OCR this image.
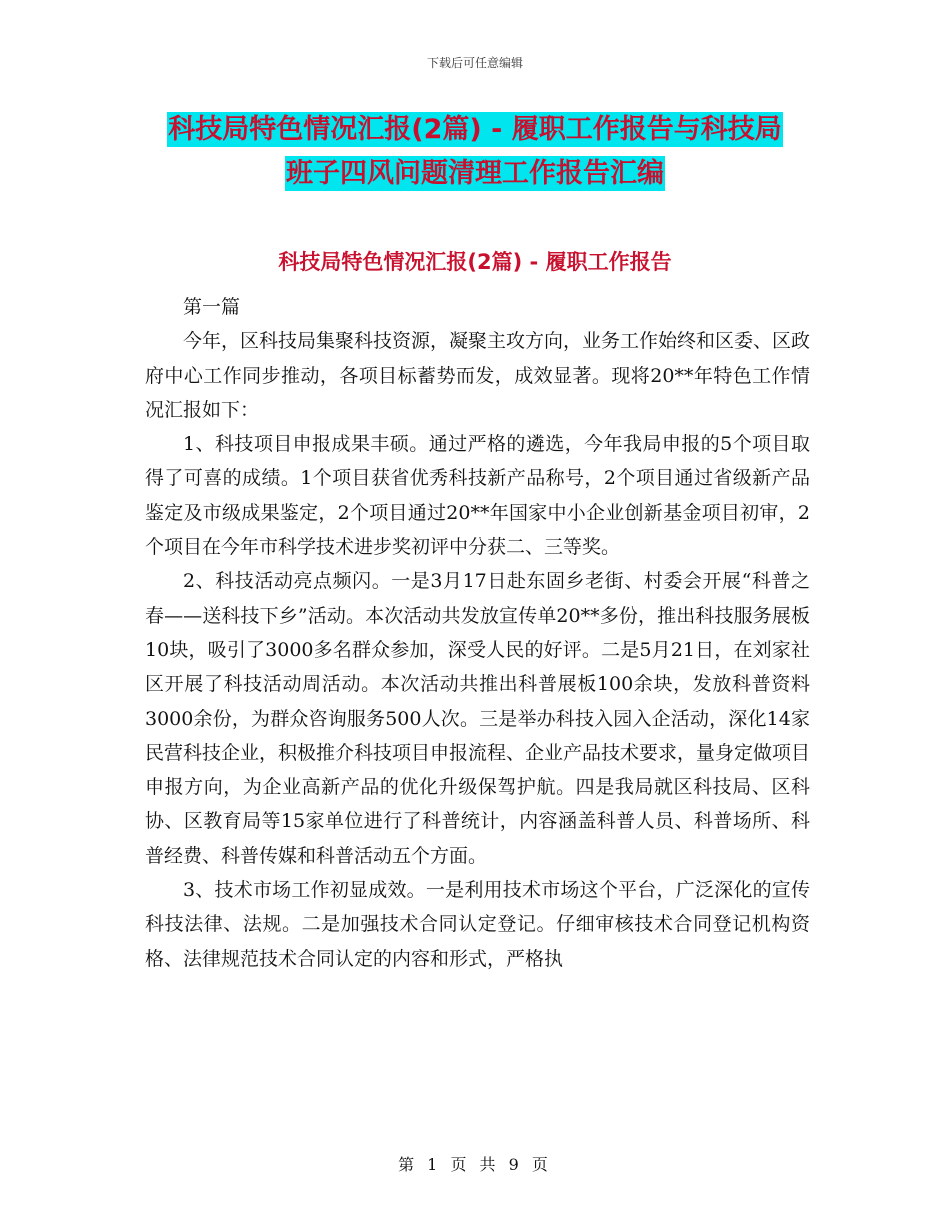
下载后可任意编辑
科技局特色情况汇报(2篇) - 履职工作报告与科技局
班子四风问题清理工作报告汇编
科技局特色情况汇报(2篇) - 履职工作报告

第一篇

今年，区科技局集聚科技资源，凝聚主攻方向，业务工作始终和区委、区政府中心工作同步推动，各项目标蓄势而发，成效显著。现将20**年特色工作情况汇报如下：

1、科技项目申报成果丰硕。通过严格的遴选，今年我局申报的5个项目取得了可喜的成绩。1个项目获省优秀科技新产品称号，2个项目通过省级新产品鉴定及市级成果鉴定，2个项目通过20**年国家中小企业创新基金项目初审，2个项目在今年市科学技术进步奖初评中分获二、三等奖。

2、科技活动亮点频闪。一是3月17日赴东固乡老街、村委会开展“科普之春——送科技下乡”活动。本次活动共发放宣传单20**多份，推出科技服务展板10块，吸引了3000多名群众参加，深受人民的好评。二是5月21日，在刘家社区开展了科技活动周活动。本次活动共推出科普展板100余块，发放科普资料3000余份，为群众咨询服务500人次。三是举办科技入园入企活动，深化14家民营科技企业，积极推介科技项目申报流程、企业产品技术要求，量身定做项目申报方向，为企业高新产品的优化升级保驾护航。四是我局就区科技局、区科协、区教育局等15家单位进行了科普统计，内容涵盖科普人员、科普场所、科普经费、科普传媒和科普活动五个方面。

3、技术市场工作初显成效。一是利用技术市场这个平台，广泛深化的宣传科技法律、法规。二是加强技术合同认定登记。仔细审核技术合同登记机构资格、法律规范技术合同认定的内容和形式，严格执

第 1 页 共 9 页
